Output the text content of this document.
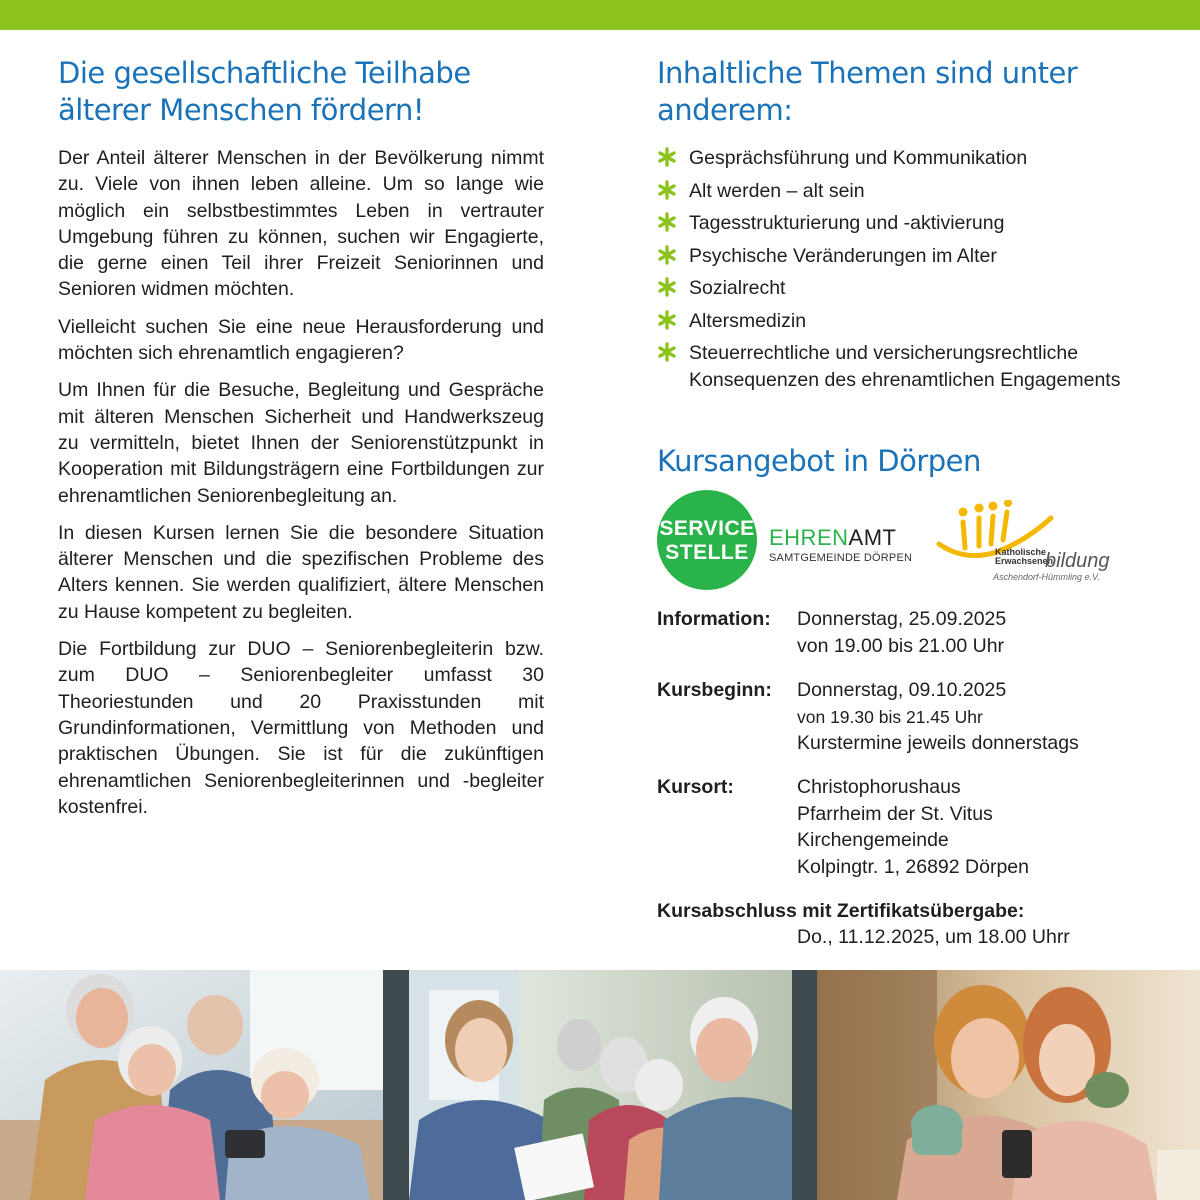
Die gesellschaftliche Teilhabe
älterer Menschen fördern!

Der Anteil älterer Menschen in der Bevölkerung nimmt zu. Viele von ihnen leben alleine. Um so lange wie möglich ein selbstbestimmtes Leben in vertrauter Umgebung führen zu können, suchen wir Engagierte, die gerne einen Teil ihrer Freizeit Seniorinnen und Senioren widmen möchten.

Vielleicht suchen Sie eine neue Herausforderung und möchten sich ehrenamtlich engagieren?

Um Ihnen für die Besuche, Begleitung und Gespräche mit älteren Menschen Sicherheit und Handwerkszeug zu vermitteln, bietet Ihnen der Seniorenstützpunkt in Kooperation mit Bildungsträgern eine Fortbildungen zur ehrenamtlichen Seniorenbegleitung an.

In diesen Kursen lernen Sie die besondere Situation älterer Menschen und die spezifischen Probleme des Alters kennen. Sie werden qualifiziert, ältere Menschen zu Hause kompetent zu begleiten.

Die Fortbildung zur DUO – Seniorenbegleiterin bzw. zum DUO – Seniorenbegleiter umfasst 30 Theoriestunden und 20 Praxisstunden mit Grundinformationen, Vermittlung von Methoden und praktischen Übungen. Sie ist für die zukünftigen ehrenamtlichen Seniorenbegleiterinnen und -begleiter kostenfrei.

Inhaltliche Themen sind unter
anderem:
Gesprächsführung und Kommunikation
Alt werden – alt sein
Tagesstrukturierung und -aktivierung
Psychische Veränderungen im Alter
Sozialrecht
Altersmedizin
Steuerrechtliche und versicherungsrechtliche Konsequenzen des ehrenamtlichen Engagements
Kursangebot in Dörpen
SERVICE
STELLE
EHRENAMT
SAMTGEMEINDE DÖRPEN	Katholische
Erwachsenen
bildung
Aschendorf-Hümmling e.V.
Information: Donnerstag, 25.09.2025
von 19.00 bis 21.00 Uhr
Kursbeginn: Donnerstag, 09.10.2025
von 19.30 bis 21.45 Uhr
Kurstermine jeweils donnerstags
Kursort:	Christophorushaus
Pfarrheim der St. Vitus
Kirchengemeinde
Kolpingtr. 1, 26892 Dörpen
Kursabschluss mit Zertifikatsübergabe:
Do., 11.12.2025, um 18.00 Uhrr
